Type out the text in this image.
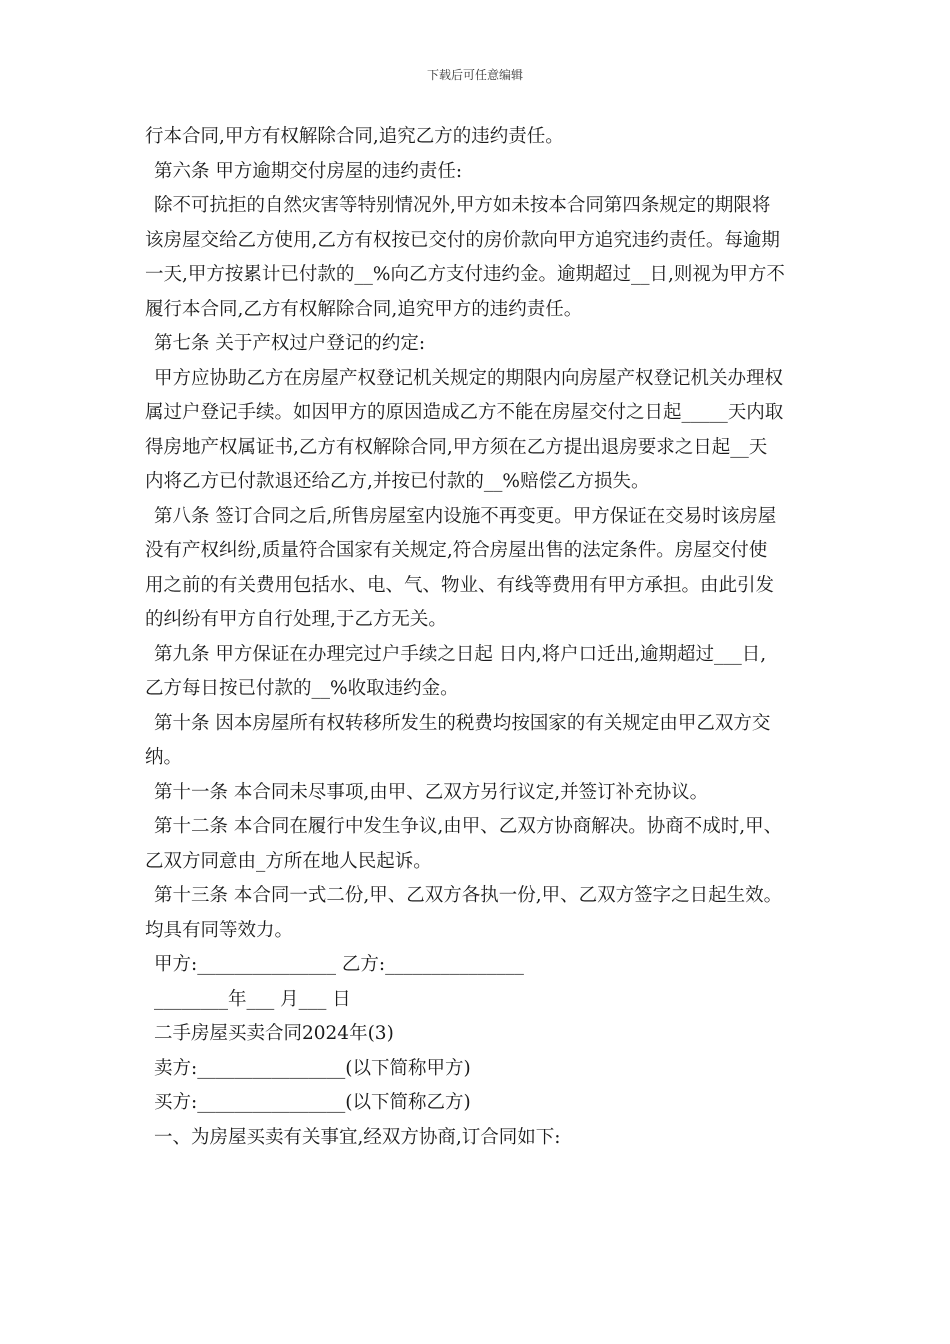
下载后可任意编辑
行本合同,甲方有权解除合同,追究乙方的违约责任。
第六条 甲方逾期交付房屋的违约责任:
除不可抗拒的自然灾害等特别情况外,甲方如未按本合同第四条规定的期限将
该房屋交给乙方使用,乙方有权按已交付的房价款向甲方追究违约责任。每逾期
一天,甲方按累计已付款的__%向乙方支付违约金。逾期超过__日,则视为甲方不
履行本合同,乙方有权解除合同,追究甲方的违约责任。
第七条 关于产权过户登记的约定:
甲方应协助乙方在房屋产权登记机关规定的期限内向房屋产权登记机关办理权
属过户登记手续。如因甲方的原因造成乙方不能在房屋交付之日起_____天内取
得房地产权属证书,乙方有权解除合同,甲方须在乙方提出退房要求之日起__天
内将乙方已付款退还给乙方,并按已付款的__%赔偿乙方损失。
第八条 签订合同之后,所售房屋室内设施不再变更。甲方保证在交易时该房屋
没有产权纠纷,质量符合国家有关规定,符合房屋出售的法定条件。房屋交付使
用之前的有关费用包括水、电、气、物业、有线等费用有甲方承担。由此引发
的纠纷有甲方自行处理,于乙方无关。
第九条 甲方保证在办理完过户手续之日起 日内,将户口迁出,逾期超过___日,
乙方每日按已付款的__%收取违约金。
第十条 因本房屋所有权转移所发生的税费均按国家的有关规定由甲乙双方交
纳。
第十一条 本合同未尽事项,由甲、乙双方另行议定,并签订补充协议。
第十二条 本合同在履行中发生争议,由甲、乙双方协商解决。协商不成时,甲、
乙双方同意由_方所在地人民起诉。
第十三条 本合同一式二份,甲、乙双方各执一份,甲、乙双方签字之日起生效。
均具有同等效力。
甲方:_______________ 乙方:_______________
________年___ 月___ 日
二手房屋买卖合同2024年(3)
卖方:________________(以下简称甲方)
买方:________________(以下简称乙方)
一、为房屋买卖有关事宜,经双方协商,订合同如下:
